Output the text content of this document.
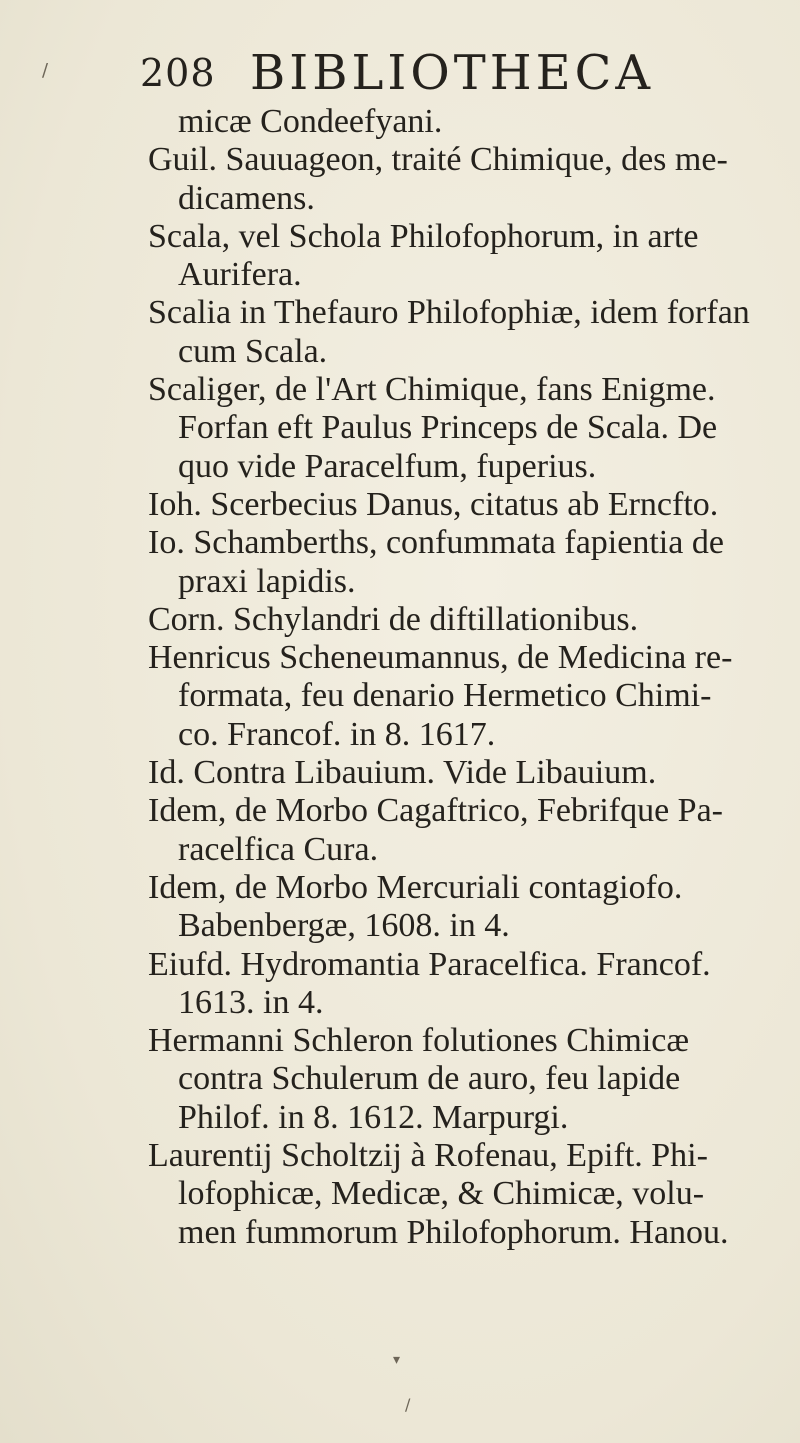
208 BIBLIOTHECA
micæ Condeefyani.
Guil. Sauuageon, traité Chimique, des me-
dicamens.
Scala, vel Schola Philofophorum, in arte
Aurifera.
Scalia in Thefauro Philofophiæ, idem forfan
cum Scala.
Scaliger, de l'Art Chimique, fans Enigme.
Forfan eft Paulus Princeps de Scala. De
quo vide Paracelfum, fuperius.
Ioh. Scerbecius Danus, citatus ab Erncfto.
Io. Schamberths, confummata fapientia de
praxi lapidis.
Corn. Schylandri de diftillationibus.
Henricus Scheneumannus, de Medicina re-
formata, feu denario Hermetico Chimi-
co. Francof. in 8. 1617.
Id. Contra Libauium. Vide Libauium.
Idem, de Morbo Cagaftrico, Febrifque Pa-
racelfica Cura.
Idem, de Morbo Mercuriali contagiofo.
Babenbergæ, 1608. in 4.
Eiufd. Hydromantia Paracelfica. Francof.
1613. in 4.
Hermanni Schleron folutiones Chimicæ
contra Schulerum de auro, feu lapide
Philof. in 8. 1612. Marpurgi.
Laurentij Scholtzij à Rofenau, Epift. Phi-
lofophicæ, Medicæ, & Chimicæ, volu-
men fummorum Philofophorum. Hanou.
/
▾
/
